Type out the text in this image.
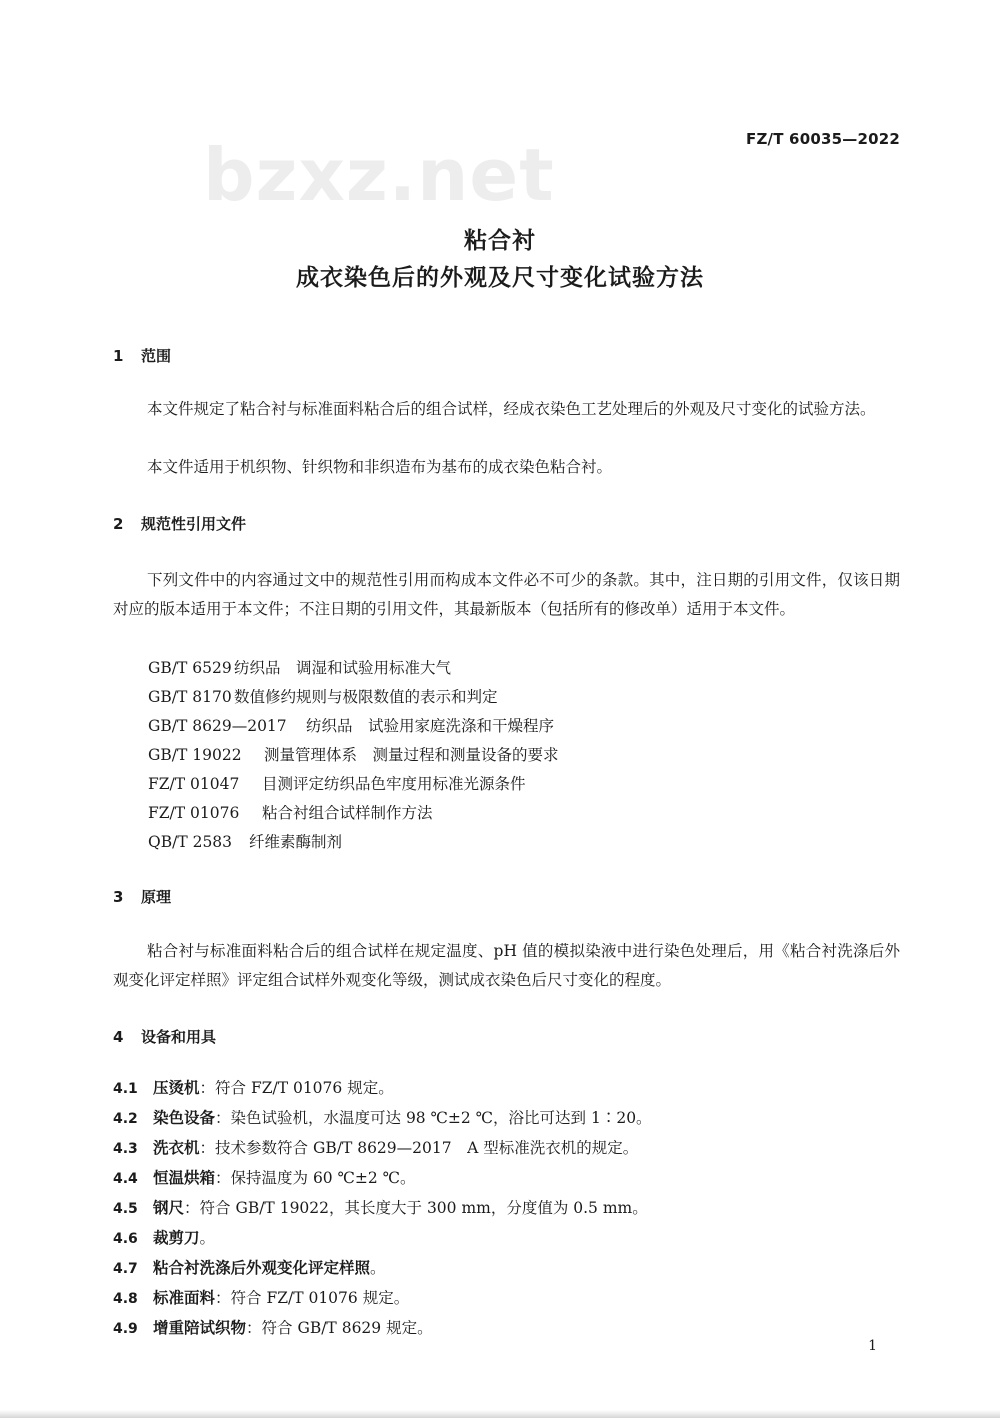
bzxz.net	FZ/T 60035—2022
粘合衬
成衣染色后的外观及尺寸变化试验方法
1 范围

本文件规定了粘合衬与标准面料粘合后的组合试样，经成衣染色工艺处理后的外观及尺寸变化的试验方法。

本文件适用于机织物、针织物和非织造布为基布的成衣染色粘合衬。

2 规范性引用文件

下列文件中的内容通过文中的规范性引用而构成本文件必不可少的条款。其中，注日期的引用文件，仅该日期对应的版本适用于本文件；不注日期的引用文件，其最新版本（包括所有的修改单）适用于本文件。

GB/T 6529 纺织品　调湿和试验用标准大气
GB/T 8170 数值修约规则与极限数值的表示和判定
GB/T 8629—2017 纺织品　试验用家庭洗涤和干燥程序
GB/T 19022 测量管理体系　测量过程和测量设备的要求
FZ/T 01047 目测评定纺织品色牢度用标准光源条件
FZ/T 01076 粘合衬组合试样制作方法
QB/T 2583 纤维素酶制剂
3 原理

粘合衬与标准面料粘合后的组合试样在规定温度、pH 值的模拟染液中进行染色处理后，用《粘合衬洗涤后外观变化评定样照》评定组合试样外观变化等级，测试成衣染色后尺寸变化的程度。

4 设备和用具
4.1 压烫机：符合 FZ/T 01076 规定。
4.2 染色设备：染色试验机，水温度可达 98 ℃±2 ℃，浴比可达到 1∶20。
4.3 洗衣机：技术参数符合 GB/T 8629—2017　A 型标准洗衣机的规定。
4.4 恒温烘箱：保持温度为 60 ℃±2 ℃。
4.5 钢尺：符合 GB/T 19022，其长度大于 300 mm，分度值为 0.5 mm。
4.6 裁剪刀。
4.7 粘合衬洗涤后外观变化评定样照。
4.8 标准面料：符合 FZ/T 01076 规定。
4.9 增重陪试织物：符合 GB/T 8629 规定。
1
